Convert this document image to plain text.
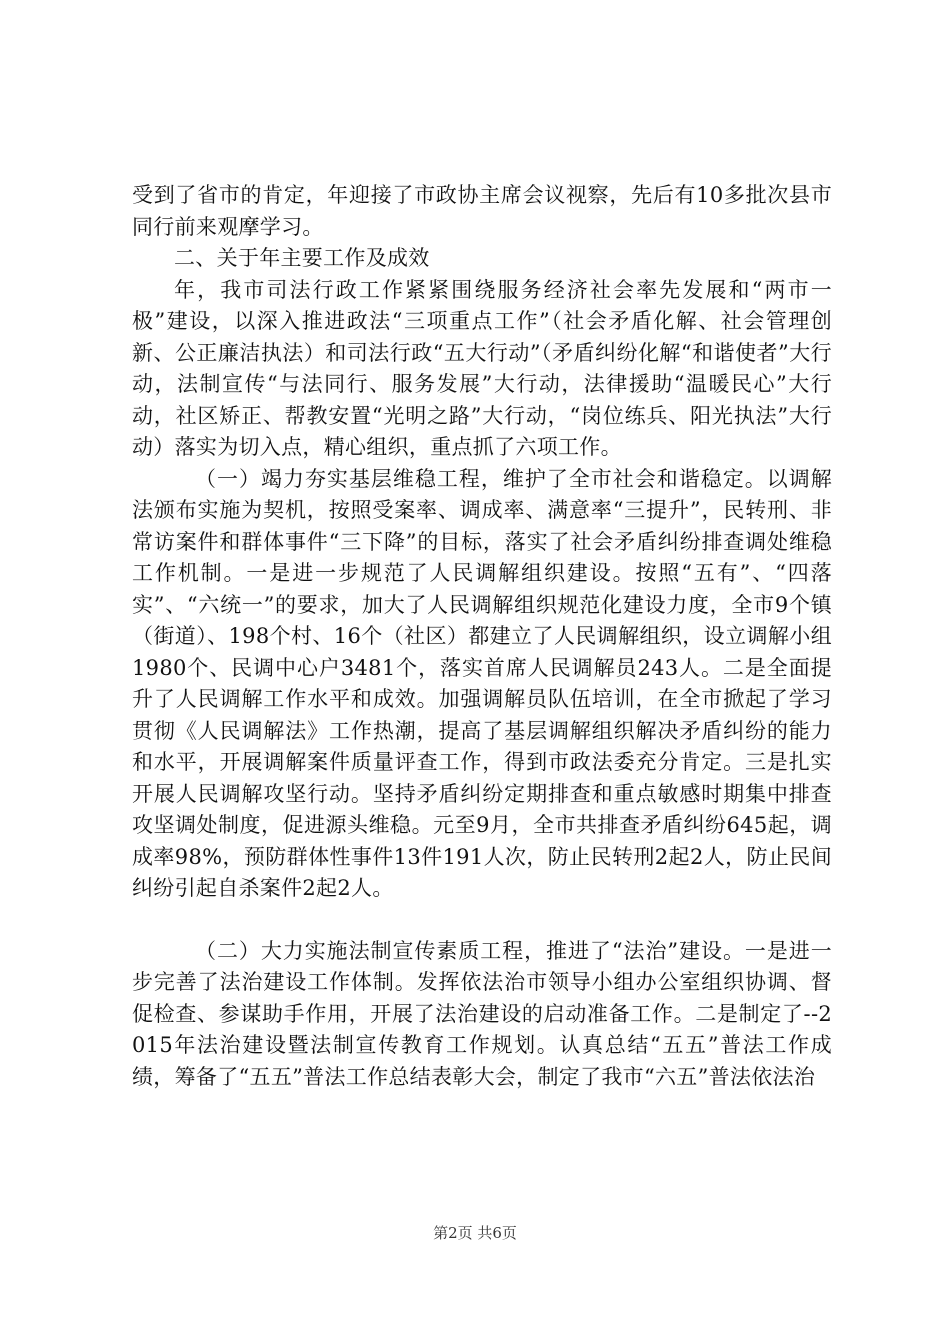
受到了省市的肯定，年迎接了市政协主席会议视察，先后有10多批次县市同行前来观摩学习。

二、关于年主要工作及成效

年，我市司法行政工作紧紧围绕服务经济社会率先发展和“两市一极”建设，以深入推进政法“三项重点工作”（社会矛盾化解、社会管理创新、公正廉洁执法）和司法行政“五大行动”（矛盾纠纷化解“和谐使者”大行动，法制宣传“与法同行、服务发展”大行动，法律援助“温暖民心”大行动，社区矫正、帮教安置“光明之路”大行动，“岗位练兵、阳光执法”大行动）落实为切入点，精心组织，重点抓了六项工作。

（一）竭力夯实基层维稳工程，维护了全市社会和谐稳定。以调解法颁布实施为契机，按照受案率、调成率、满意率“三提升”，民转刑、非常访案件和群体事件“三下降”的目标，落实了社会矛盾纠纷排查调处维稳工作机制。一是进一步规范了人民调解组织建设。按照“五有”、“四落实”、“六统一”的要求，加大了人民调解组织规范化建设力度，全市9个镇（街道）、198个村、16个（社区）都建立了人民调解组织，设立调解小组1980个、民调中心户3481个，落实首席人民调解员243人。二是全面提升了人民调解工作水平和成效。加强调解员队伍培训，在全市掀起了学习贯彻《人民调解法》工作热潮，提高了基层调解组织解决矛盾纠纷的能力和水平，开展调解案件质量评查工作，得到市政法委充分肯定。三是扎实开展人民调解攻坚行动。坚持矛盾纠纷定期排查和重点敏感时期集中排查攻坚调处制度，促进源头维稳。元至9月，全市共排查矛盾纠纷645起，调成率98%，预防群体性事件13件191人次，防止民转刑2起2人，防止民间纠纷引起自杀案件2起2人。

（二）大力实施法制宣传素质工程，推进了“法治”建设。一是进一步完善了法治建设工作体制。发挥依法治市领导小组办公室组织协调、督促检查、参谋助手作用，开展了法治建设的启动准备工作。二是制定了--2015年法治建设暨法制宣传教育工作规划。认真总结“五五”普法工作成绩，筹备了“五五”普法工作总结表彰大会，制定了我市“六五”普法依法治

第2页 共6页
